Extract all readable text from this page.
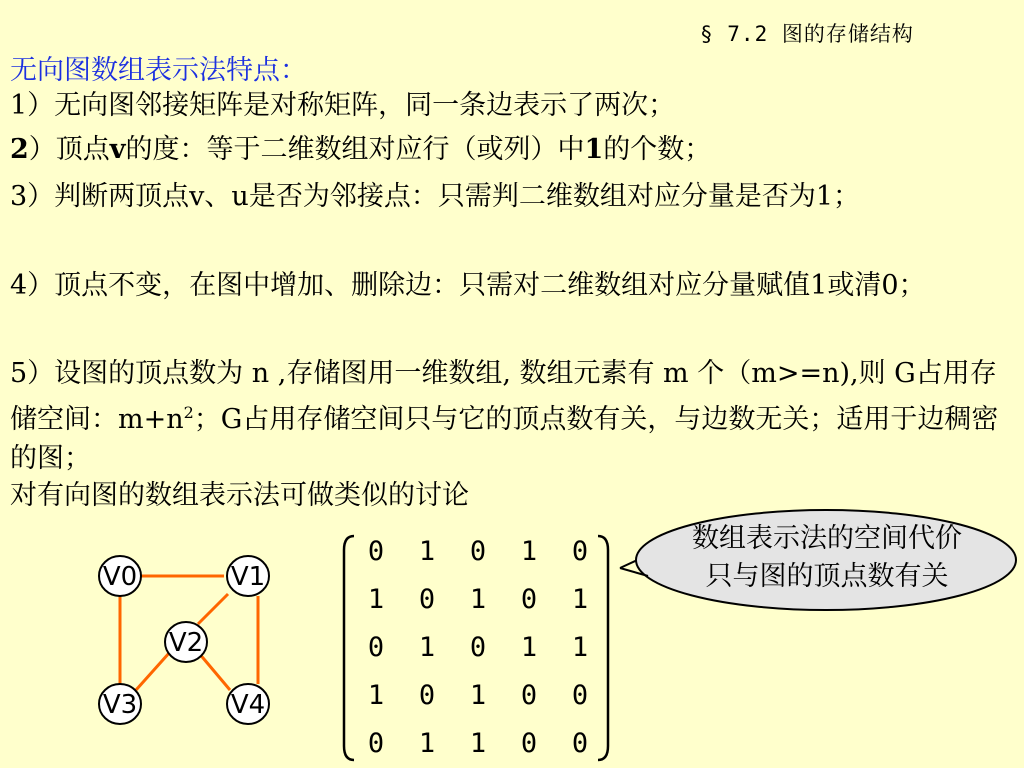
§ 7.2 图的存储结构
无向图数组表示法特点：

1）无向图邻接矩阵是对称矩阵，同一条边表示了两次；

2）顶点v的度：等于二维数组对应行（或列）中1的个数；

3）判断两顶点v、u是否为邻接点：只需判二维数组对应分量是否为1；

4）顶点不变，在图中增加、删除边：只需对二维数组对应分量赋值1或清0；

5）设图的顶点数为 n ,存储图用一维数组, 数组元素有 m 个（m>=n),则 G占用存储空间：$m+n^2$；G占用存储空间只与它的顶点数有关，与边数无关；适用于边稠密的图；

对有向图的数组表示法可做类似的讨论

V0	V1
V2
V3	V4
0 1 0 1 0
1 0 1 0 1
0 1 0 1 1
1 0 1 0 0
0 1 1 0 0
数组表示法的空间代价
只与图的顶点数有关
